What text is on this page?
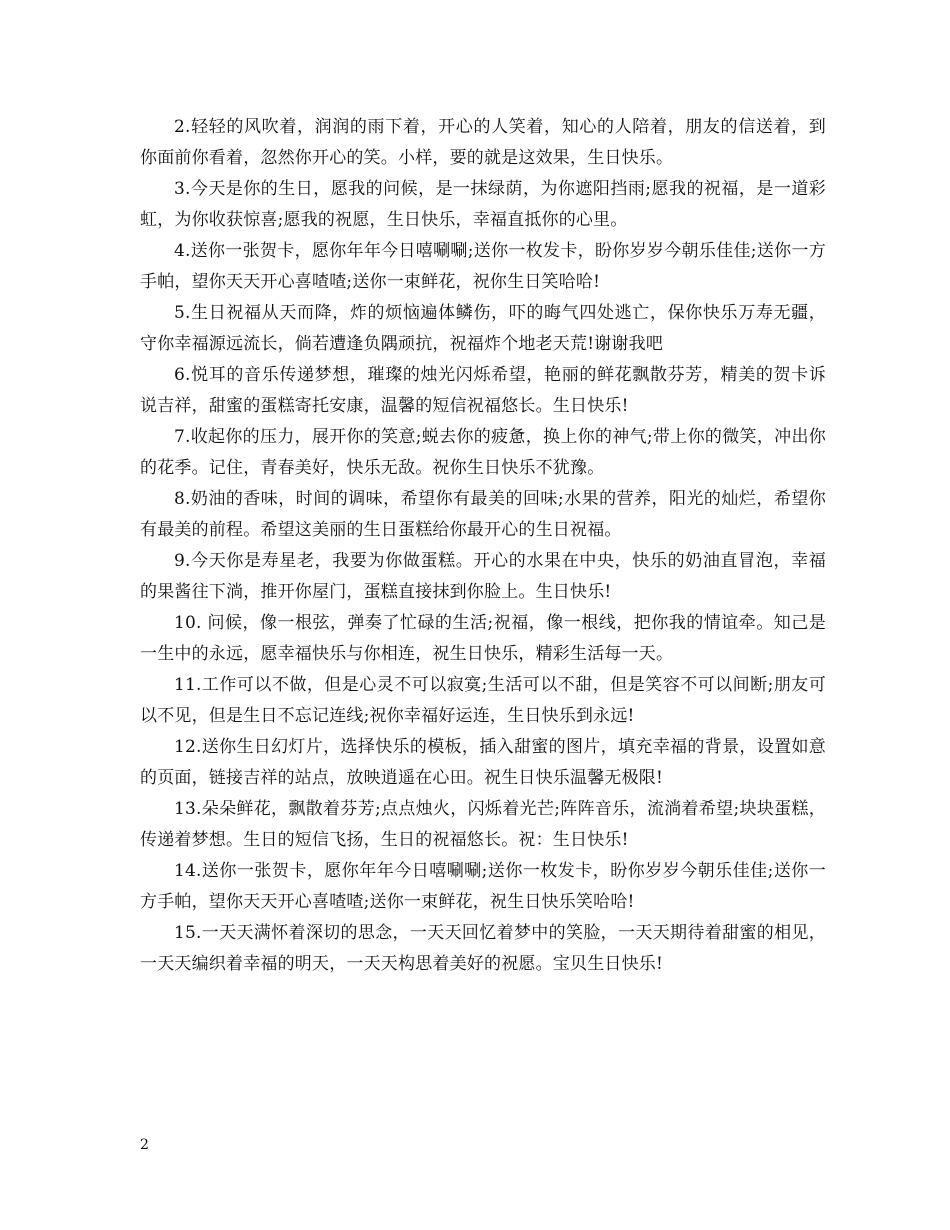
2.轻轻的风吹着，润润的雨下着，开心的人笑着，知心的人陪着，朋友的信送着，到你面前你看着，忽然你开心的笑。小样，要的就是这效果，生日快乐。

3.今天是你的生日，愿我的问候，是一抹绿荫，为你遮阳挡雨;愿我的祝福，是一道彩虹，为你收获惊喜;愿我的祝愿，生日快乐，幸福直抵你的心里。

4.送你一张贺卡，愿你年年今日嘻唰唰;送你一枚发卡，盼你岁岁今朝乐佳佳;送你一方手帕，望你天天开心喜喳喳;送你一束鲜花，祝你生日笑哈哈!

5.生日祝福从天而降，炸的烦恼遍体鳞伤，吓的晦气四处逃亡，保你快乐万寿无疆，守你幸福源远流长，倘若遭逢负隅顽抗，祝福炸个地老天荒!谢谢我吧

6.悦耳的音乐传递梦想，璀璨的烛光闪烁希望，艳丽的鲜花飘散芬芳，精美的贺卡诉说吉祥，甜蜜的蛋糕寄托安康，温馨的短信祝福悠长。生日快乐!

7.收起你的压力，展开你的笑意;蜕去你的疲惫，换上你的神气;带上你的微笑，冲出你的花季。记住，青春美好，快乐无敌。祝你生日快乐不犹豫。

8.奶油的香味，时间的调味，希望你有最美的回味;水果的营养，阳光的灿烂，希望你有最美的前程。希望这美丽的生日蛋糕给你最开心的生日祝福。

9.今天你是寿星老，我要为你做蛋糕。开心的水果在中央，快乐的奶油直冒泡，幸福的果酱往下淌，推开你屋门，蛋糕直接抹到你脸上。生日快乐!

10. 问候，像一根弦，弹奏了忙碌的生活;祝福，像一根线，把你我的情谊牵。知己是一生中的永远，愿幸福快乐与你相连，祝生日快乐，精彩生活每一天。

11.工作可以不做，但是心灵不可以寂寞;生活可以不甜，但是笑容不可以间断;朋友可以不见，但是生日不忘记连线;祝你幸福好运连，生日快乐到永远!

12.送你生日幻灯片，选择快乐的模板，插入甜蜜的图片，填充幸福的背景，设置如意的页面，链接吉祥的站点，放映逍遥在心田。祝生日快乐温馨无极限!

13.朵朵鲜花，飘散着芬芳;点点烛火，闪烁着光芒;阵阵音乐，流淌着希望;块块蛋糕，传递着梦想。生日的短信飞扬，生日的祝福悠长。祝：生日快乐!

14.送你一张贺卡，愿你年年今日嘻唰唰;送你一枚发卡，盼你岁岁今朝乐佳佳;送你一方手帕，望你天天开心喜喳喳;送你一束鲜花，祝生日快乐笑哈哈!

15.一天天满怀着深切的思念，一天天回忆着梦中的笑脸，一天天期待着甜蜜的相见，一天天编织着幸福的明天，一天天构思着美好的祝愿。宝贝生日快乐!

2
